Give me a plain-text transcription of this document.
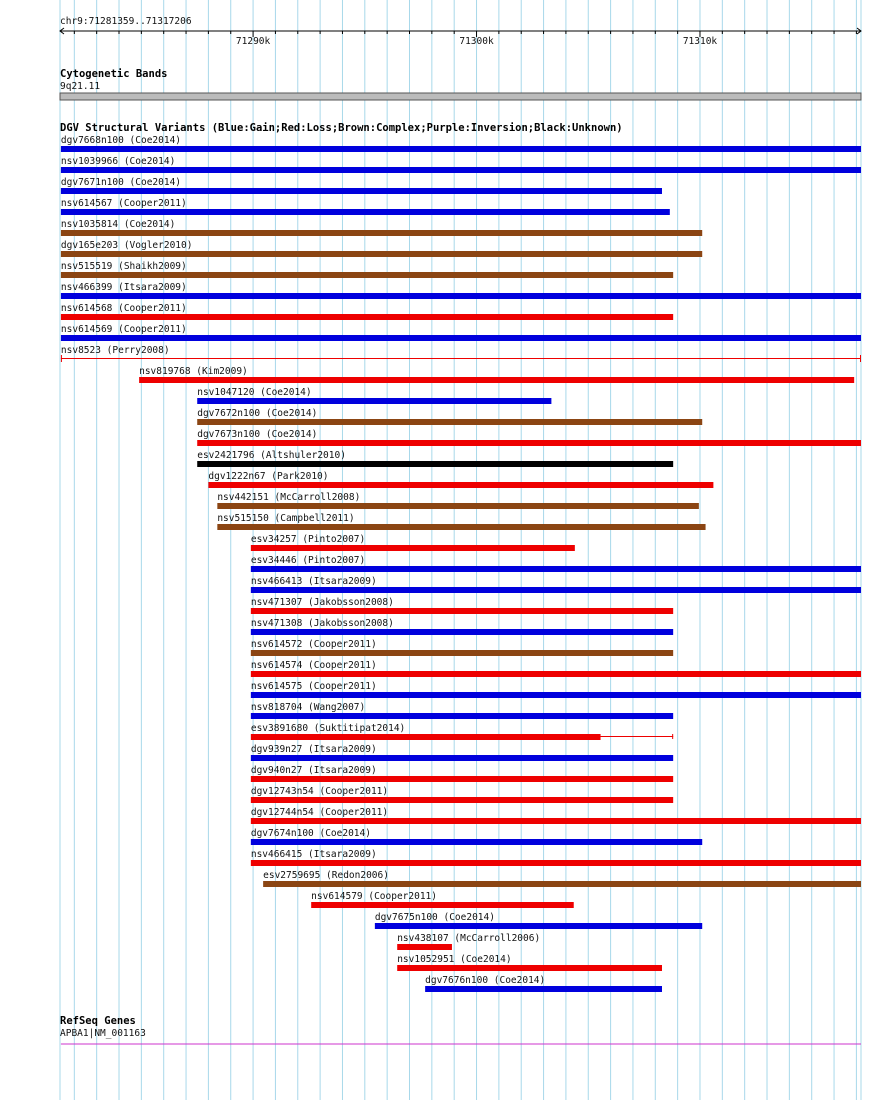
chr9:71281359..71317206
71290k	71300k	71310k
Cytogenetic Bands
9q21.11
DGV Structural Variants (Blue:Gain;Red:Loss;Brown:Complex;Purple:Inversion;Black:Unknown)
dgv7668n100 (Coe2014)
nsv1039966 (Coe2014)
dgv7671n100 (Coe2014)
nsv614567 (Cooper2011)
nsv1035814 (Coe2014)
dgv165e203 (Vogler2010)
nsv515519 (Shaikh2009)
nsv466399 (Itsara2009)
nsv614568 (Cooper2011)
nsv614569 (Cooper2011)
nsv8523 (Perry2008)
nsv819768 (Kim2009)
nsv1047120 (Coe2014)
dgv7672n100 (Coe2014)
dgv7673n100 (Coe2014)
esv2421796 (Altshuler2010)
dgv1222n67 (Park2010)
nsv442151 (McCarroll2008)
nsv515150 (Campbell2011)
esv34257 (Pinto2007)
esv34446 (Pinto2007)
nsv466413 (Itsara2009)
nsv471307 (Jakobsson2008)
nsv471308 (Jakobsson2008)
nsv614572 (Cooper2011)
nsv614574 (Cooper2011)
nsv614575 (Cooper2011)
nsv818704 (Wang2007)
esv3891680 (Suktitipat2014)
dgv939n27 (Itsara2009)
dgv940n27 (Itsara2009)
dgv12743n54 (Cooper2011)
dgv12744n54 (Cooper2011)
dgv7674n100 (Coe2014)
nsv466415 (Itsara2009)
esv2759695 (Redon2006)
nsv614579 (Cooper2011)
dgv7675n100 (Coe2014)
nsv438107 (McCarroll2006)
nsv1052951 (Coe2014)
dgv7676n100 (Coe2014)
RefSeq Genes
APBA1|NM_001163
